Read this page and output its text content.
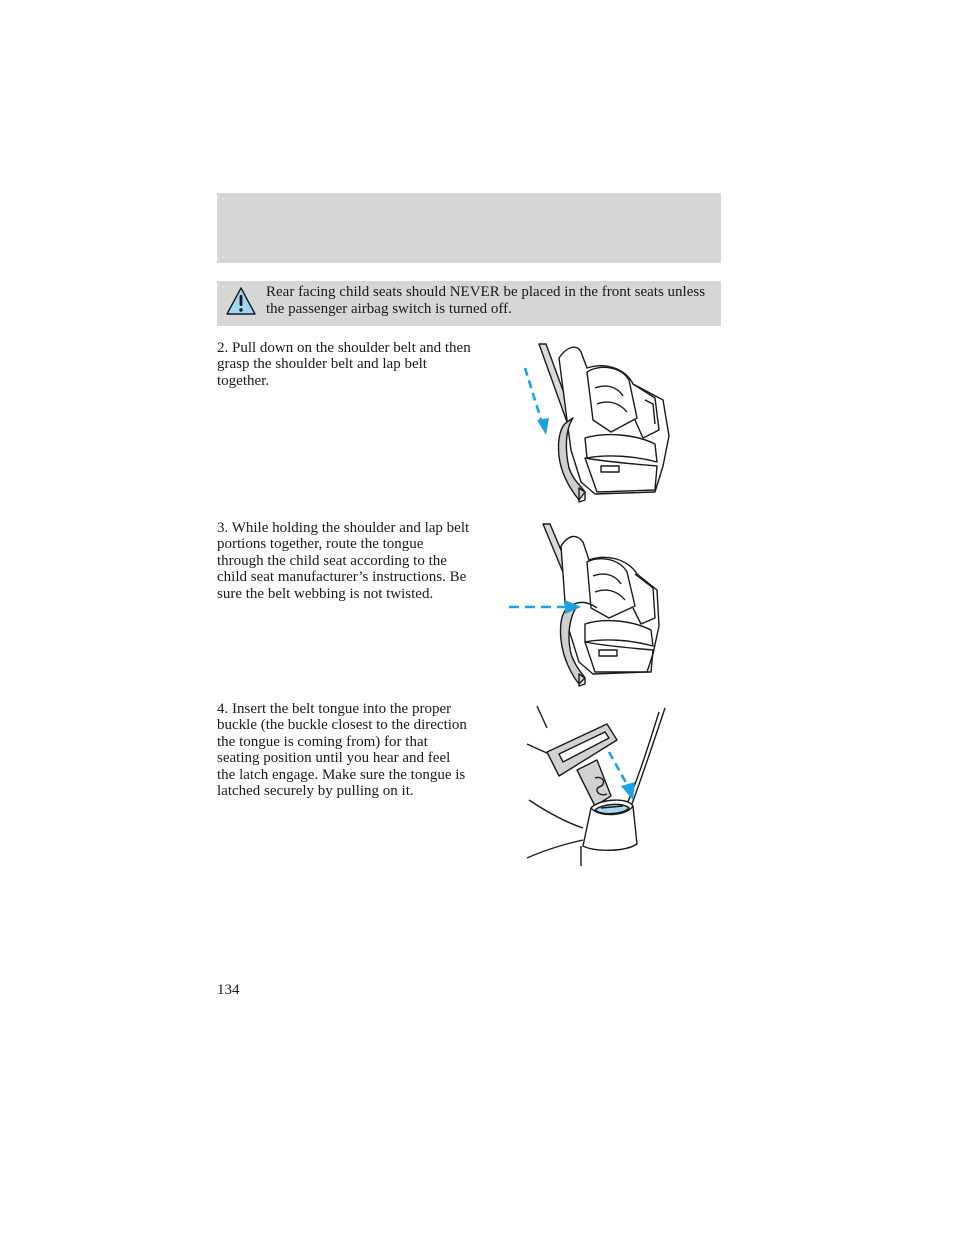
Rear facing child seats should NEVER be placed in the front seats unless the passenger airbag switch is turned off.
2. Pull down on the shoulder belt and then grasp the shoulder belt and lap belt together.
3. While holding the shoulder and lap belt portions together, route the tongue through the child seat according to the child seat manufacturer’s instructions. Be sure the belt webbing is not twisted.
4. Insert the belt tongue into the proper buckle (the buckle closest to the direction the tongue is coming from) for that seating position until you hear and feel the latch engage. Make sure the tongue is latched securely by pulling on it.
134
